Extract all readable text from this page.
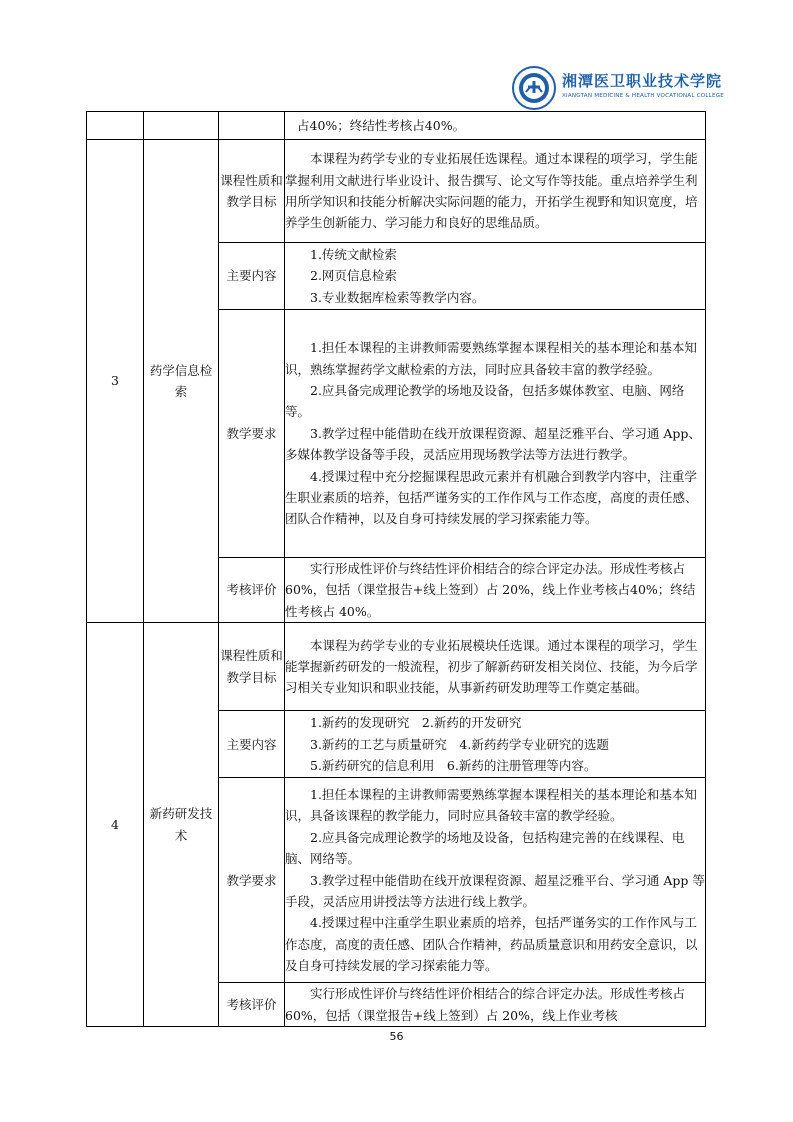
湘潭医卫职业技术学院
XIANGTAN MEDICINE & HEALTH VOCATIONAL COLLEGE
			占40%；终结性考核占40%。
3	药学信息检索	课程性质和教学目标	本课程为药学专业的专业拓展任选课程。通过本课程的项学习，学生能掌握利用文献进行毕业设计、报告撰写、论文写作等技能。重点培养学生利用所学知识和技能分析解决实际问题的能力，开拓学生视野和知识宽度，培养学生创新能力、学习能力和良好的思维品质。

		主要内容	1.传统文献检索

2.网页信息检索

3.专业数据库检索等教学内容。

		教学要求	1.担任本课程的主讲教师需要熟练掌握本课程相关的基本理论和基本知识，熟练掌握药学文献检索的方法，同时应具备较丰富的教学经验。

2.应具备完成理论教学的场地及设备，包括多媒体教室、电脑、网络等。

3.教学过程中能借助在线开放课程资源、超星泛雅平台、学习通 App、多媒体教学设备等手段，灵活应用现场教学法等方法进行教学。

4.授课过程中充分挖掘课程思政元素并有机融合到教学内容中，注重学生职业素质的培养，包括严谨务实的工作作风与工作态度，高度的责任感、团队合作精神，以及自身可持续发展的学习探索能力等。

		考核评价	实行形成性评价与终结性评价相结合的综合评定办法。形成性考核占60%，包括（课堂报告+线上签到）占 20%，线上作业考核占40%；终结性考核占 40%。

4	新药研发技术	课程性质和教学目标	本课程为药学专业的专业拓展模块任选课。通过本课程的项学习，学生能掌握新药研发的一般流程，初步了解新药研发相关岗位、技能，为今后学习相关专业知识和职业技能，从事新药研发助理等工作奠定基础。

		主要内容	1.新药的发现研究　2.新药的开发研究

3.新药的工艺与质量研究　4.新药药学专业研究的选题

5.新药研究的信息利用　6.新药的注册管理等内容。

		教学要求	1.担任本课程的主讲教师需要熟练掌握本课程相关的基本理论和基本知识，具备该课程的教学能力，同时应具备较丰富的教学经验。

2.应具备完成理论教学的场地及设备，包括构建完善的在线课程、电脑、网络等。

3.教学过程中能借助在线开放课程资源、超星泛雅平台、学习通 App 等手段，灵活应用讲授法等方法进行线上教学。

4.授课过程中注重学生职业素质的培养，包括严谨务实的工作作风与工作态度，高度的责任感、团队合作精神，药品质量意识和用药安全意识，以及自身可持续发展的学习探索能力等。

		考核评价	实行形成性评价与终结性评价相结合的综合评定办法。形成性考核占60%，包括（课堂报告+线上签到）占 20%，线上作业考核

56
